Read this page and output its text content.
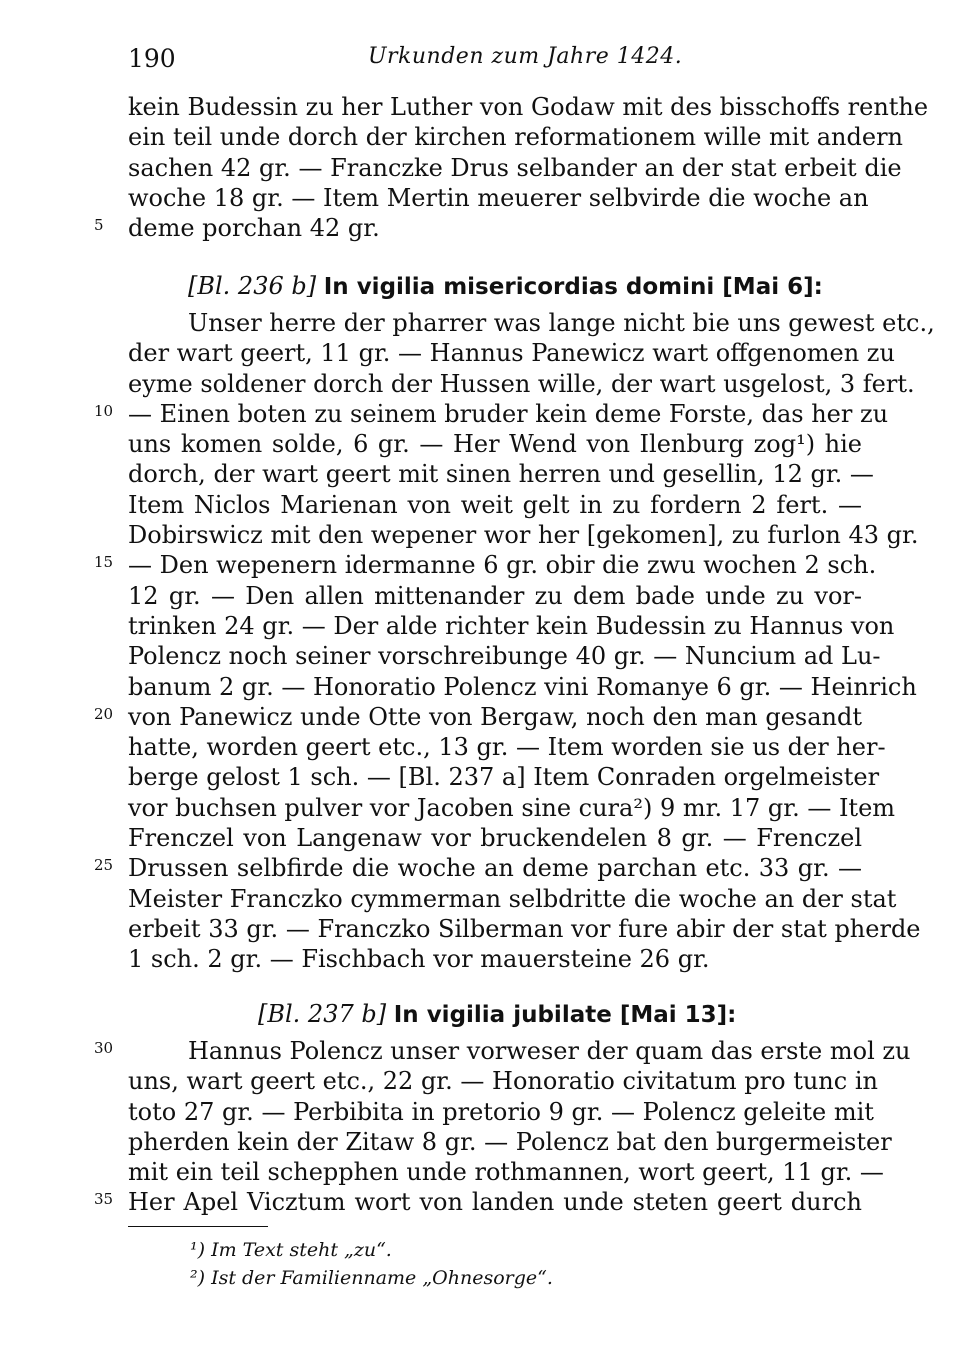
190	Urkunden zum Jahre 1424.
kein Budessin zu her Luther von Godaw mit des bisschoffs renthe
ein teil unde dorch der kirchen reformationem wille mit andern
sachen 42 gr. — Franczke Drus selbander an der stat erbeit die
woche 18 gr. — Item Mertin meuerer selbvirde die woche an
5 deme porchan 42 gr.
[Bl. 236 b] In vigilia misericordias domini [Mai 6]:
Unser herre der pharrer was lange nicht bie uns gewest etc.,
der wart geert, 11 gr. — Hannus Panewicz wart offgenomen zu
eyme soldener dorch der Hussen wille, der wart usgelost, 3 fert.
10 — Einen boten zu seinem bruder kein deme Forste, das her zu
uns komen solde, 6 gr. — Her Wend von Ilenburg zog¹) hie
dorch, der wart geert mit sinen herren und gesellin, 12 gr. —
Item Niclos Marienan von weit gelt in zu fordern 2 fert. —
Dobirswicz mit den wepener wor her [gekomen], zu furlon 43 gr.
15 — Den wepenern idermanne 6 gr. obir die zwu wochen 2 sch.
12 gr. — Den allen mittenander zu dem bade unde zu vor-
trinken 24 gr. — Der alde richter kein Budessin zu Hannus von
Polencz noch seiner vorschreibunge 40 gr. — Nuncium ad Lu-
banum 2 gr. — Honoratio Polencz vini Romanye 6 gr. — Heinrich
20 von Panewicz unde Otte von Bergaw, noch den man gesandt
hatte, worden geert etc., 13 gr. — Item worden sie us der her-
berge gelost 1 sch. — [Bl. 237 a] Item Conraden orgelmeister
vor buchsen pulver vor Jacoben sine cura²) 9 mr. 17 gr. — Item
Frenczel von Langenaw vor bruckendelen 8 gr. — Frenczel
25 Drussen selbfirde die woche an deme parchan etc. 33 gr. —
Meister Franczko cymmerman selbdritte die woche an der stat
erbeit 33 gr. — Franczko Silberman vor fure abir der stat pherde
1 sch. 2 gr. — Fischbach vor mauersteine 26 gr.
[Bl. 237 b] In vigilia jubilate [Mai 13]:
30	Hannus Polencz unser vorweser der quam das erste mol zu
uns, wart geert etc., 22 gr. — Honoratio civitatum pro tunc in
toto 27 gr. — Perbibita in pretorio 9 gr. — Polencz geleite mit
pherden kein der Zitaw 8 gr. — Polencz bat den burgermeister
mit ein teil schepphen unde rothmannen, wort geert, 11 gr. —
35 Her Apel Vicztum wort von landen unde steten geert durch
¹) Im Text steht „zu“.
²) Ist der Familienname „Ohnesorge“.
